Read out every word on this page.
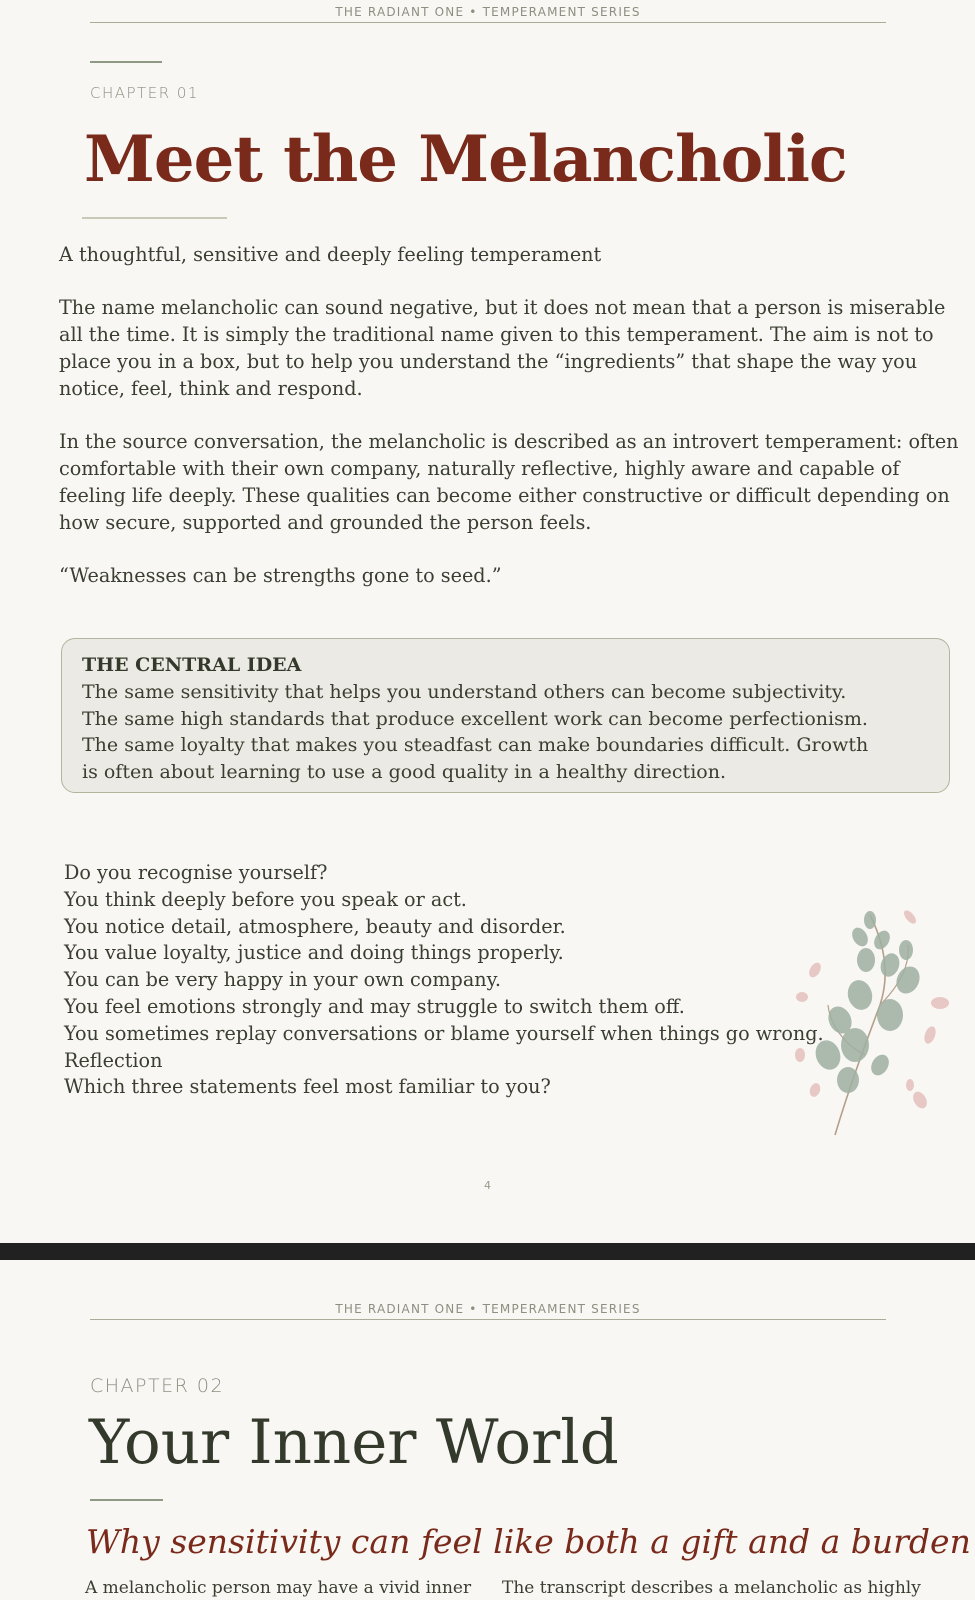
THE RADIANT ONE • TEMPERAMENT SERIES
CHAPTER 01
Meet the Melancholic
A thoughtful, sensitive and deeply feeling temperament

The name melancholic can sound negative, but it does not mean that a person is miserable all the time. It is simply the traditional name given to this temperament. The aim is not to place you in a box, but to help you understand the “ingredients” that shape the way you notice, feel, think and respond.

In the source conversation, the melancholic is described as an introvert temperament: often comfortable with their own company, naturally reflective, highly aware and capable of feeling life deeply. These qualities can become either constructive or difficult depending on how secure, supported and grounded the person feels.

“Weaknesses can be strengths gone to seed.”

THE CENTRAL IDEA
The same sensitivity that helps you understand others can become subjectivity. The same high standards that produce excellent work can become perfectionism. The same loyalty that makes you steadfast can make boundaries difficult. Growth is often about learning to use a good quality in a healthy direction.
Do you recognise yourself?
You think deeply before you speak or act.
You notice detail, atmosphere, beauty and disorder.
You value loyalty, justice and doing things properly.
You can be very happy in your own company.
You feel emotions strongly and may struggle to switch them off.
You sometimes replay conversations or blame yourself when things go wrong.
Reflection
Which three statements feel most familiar to you?
4
THE RADIANT ONE • TEMPERAMENT SERIES
CHAPTER 02
Your Inner World
Why sensitivity can feel like both a gift and a burden
A melancholic person may have a vivid inner The transcript describes a melancholic as highly
